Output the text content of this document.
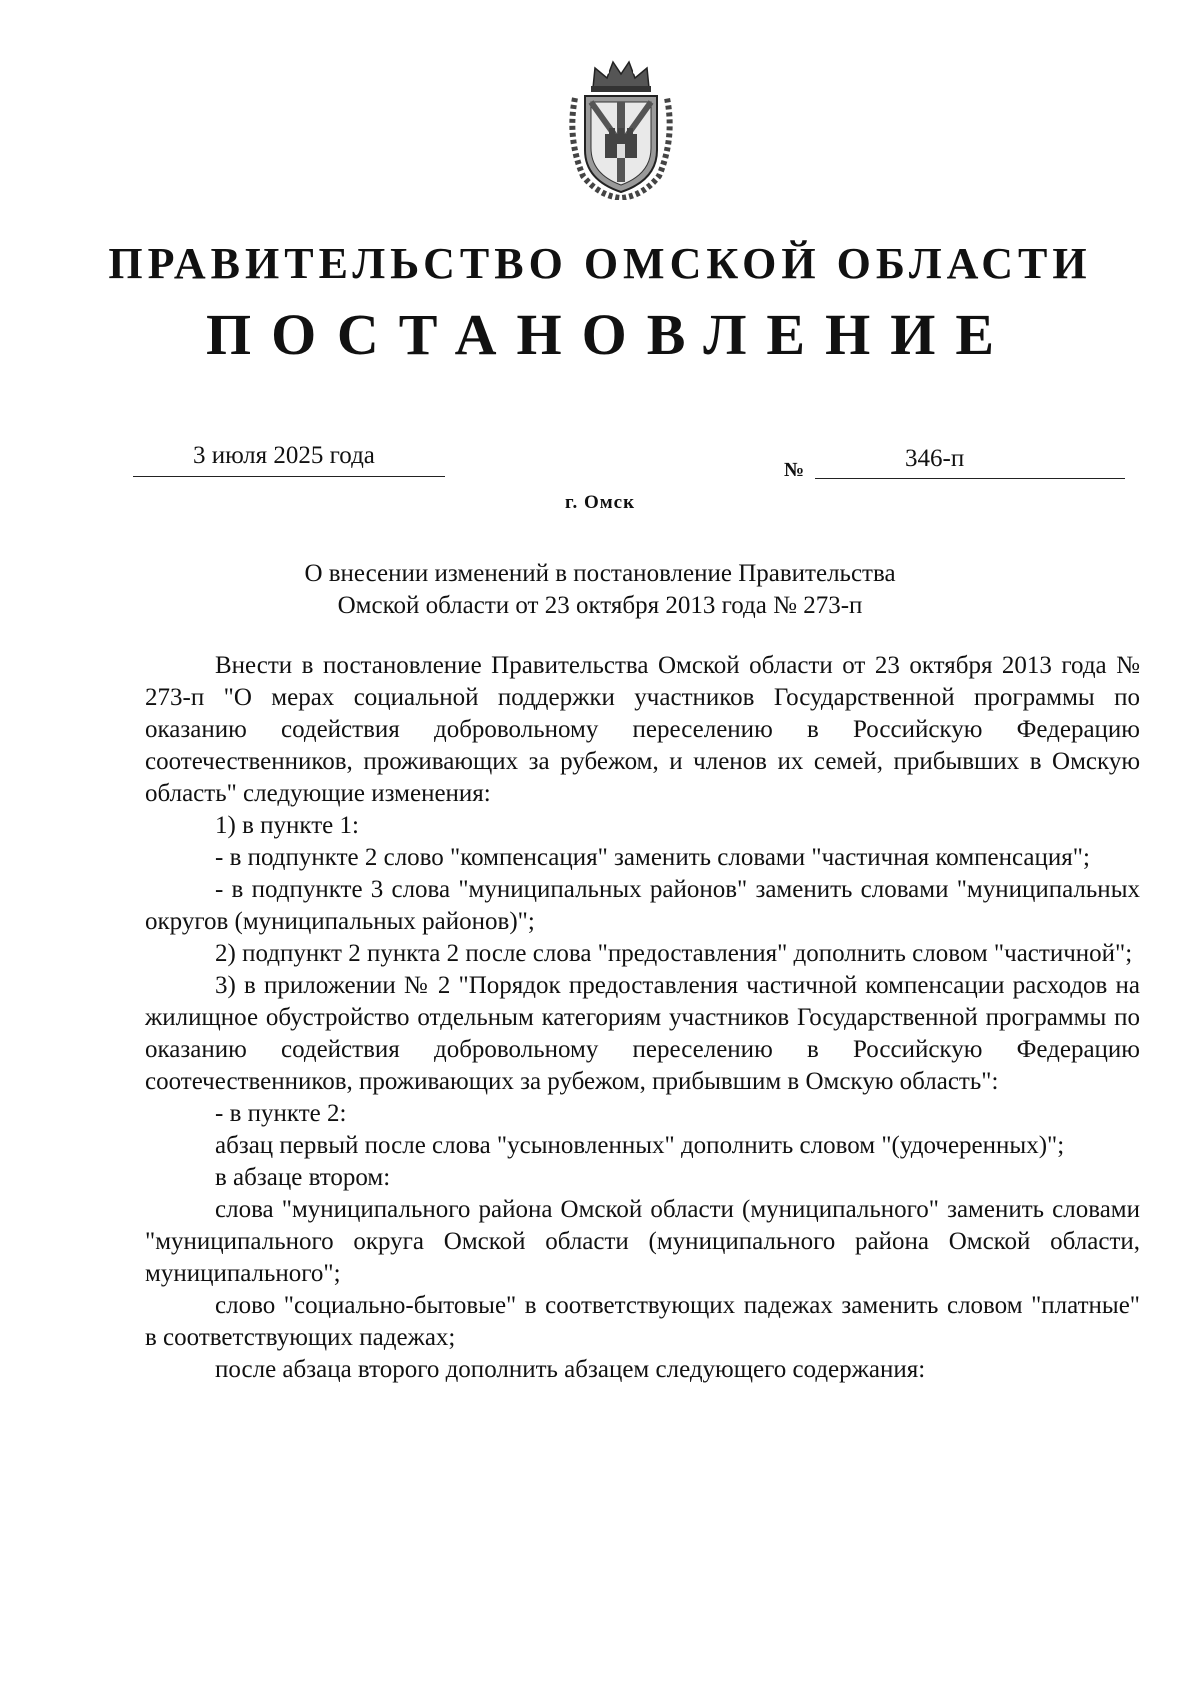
ПРАВИТЕЛЬСТВО ОМСКОЙ ОБЛАСТИ
ПОСТАНОВЛЕНИЕ
3 июля 2025 года
№	346-п
г. Омск
О внесении изменений в постановление Правительства
Омской области от 23 октября 2013 года № 273-п

Внести в постановление Правительства Омской области от 23 октября 2013 года № 273-п "О мерах социальной поддержки участников Государственной программы по оказанию содействия добровольному переселению в Российскую Федерацию соотечественников, проживающих за рубежом, и членов их семей, прибывших в Омскую область" следующие изменения:

1) в пункте 1:

- в подпункте 2 слово "компенсация" заменить словами "частичная компенсация";

- в подпункте 3 слова "муниципальных районов" заменить словами "муниципальных округов (муниципальных районов)";

2) подпункт 2 пункта 2 после слова "предоставления" дополнить словом "частичной";

3) в приложении № 2 "Порядок предоставления частичной компенсации расходов на жилищное обустройство отдельным категориям участников Государственной программы по оказанию содействия добровольному переселению в Российскую Федерацию соотечественников, проживающих за рубежом, прибывшим в Омскую область":

- в пункте 2:

абзац первый после слова "усыновленных" дополнить словом "(удочеренных)";

в абзаце втором:

слова "муниципального района Омской области (муниципального" заменить словами "муниципального округа Омской области (муниципального района Омской области, муниципального";

слово "социально-бытовые" в соответствующих падежах заменить словом "платные" в соответствующих падежах;

после абзаца второго дополнить абзацем следующего содержания:
